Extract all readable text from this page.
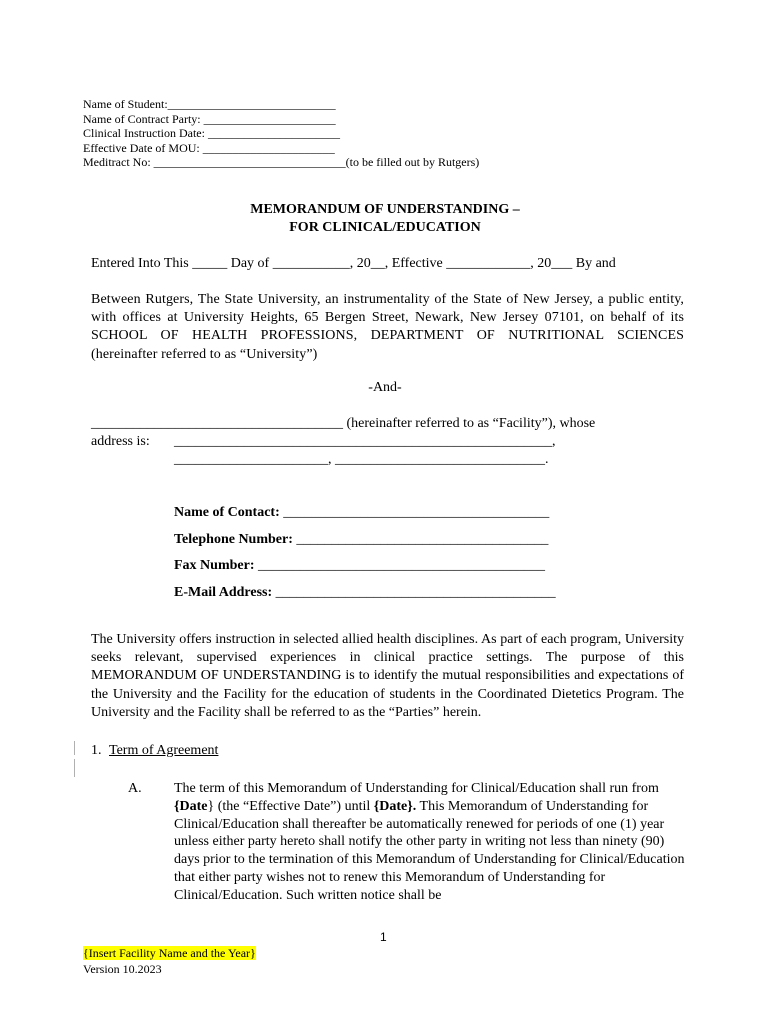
Name of Student:____________________________
Name of Contract Party: ______________________
Clinical Instruction Date: ______________________
Effective Date of MOU: ______________________
Meditract No: ________________________________(to be filled out by Rutgers)
MEMORANDUM OF UNDERSTANDING –
FOR CLINICAL/EDUCATION
Entered Into This _____ Day of ___________, 20__, Effective ____________, 20___ By and
Between Rutgers, The State University, an instrumentality of the State of New Jersey, a public entity, with offices at University Heights, 65 Bergen Street, Newark, New Jersey 07101, on behalf of its SCHOOL OF HEALTH PROFESSIONS, DEPARTMENT OF NUTRITIONAL SCIENCES (hereinafter referred to as “University”)
-And-
____________________________________ (hereinafter referred to as “Facility”), whose
address is: ______________________________________________________,
______________________, ______________________________.
Name of Contact: ______________________________________
Telephone Number: ____________________________________
Fax Number: _________________________________________
E-Mail Address: ________________________________________
The University offers instruction in selected allied health disciplines. As part of each program, University seeks relevant, supervised experiences in clinical practice settings. The purpose of this MEMORANDUM OF UNDERSTANDING is to identify the mutual responsibilities and expectations of the University and the Facility for the education of students in the Coordinated Dietetics Program. The University and the Facility shall be referred to as the “Parties” herein.
1. Term of Agreement
A. The term of this Memorandum of Understanding for Clinical/Education shall run from {Date} (the “Effective Date”) until {Date}. This Memorandum of Understanding for Clinical/Education shall thereafter be automatically renewed for periods of one (1) year unless either party hereto shall notify the other party in writing not less than ninety (90) days prior to the termination of this Memorandum of Understanding for Clinical/Education that either party wishes not to renew this Memorandum of Understanding for Clinical/Education. Such written notice shall be
1
{Insert Facility Name and the Year}
Version 10.2023
